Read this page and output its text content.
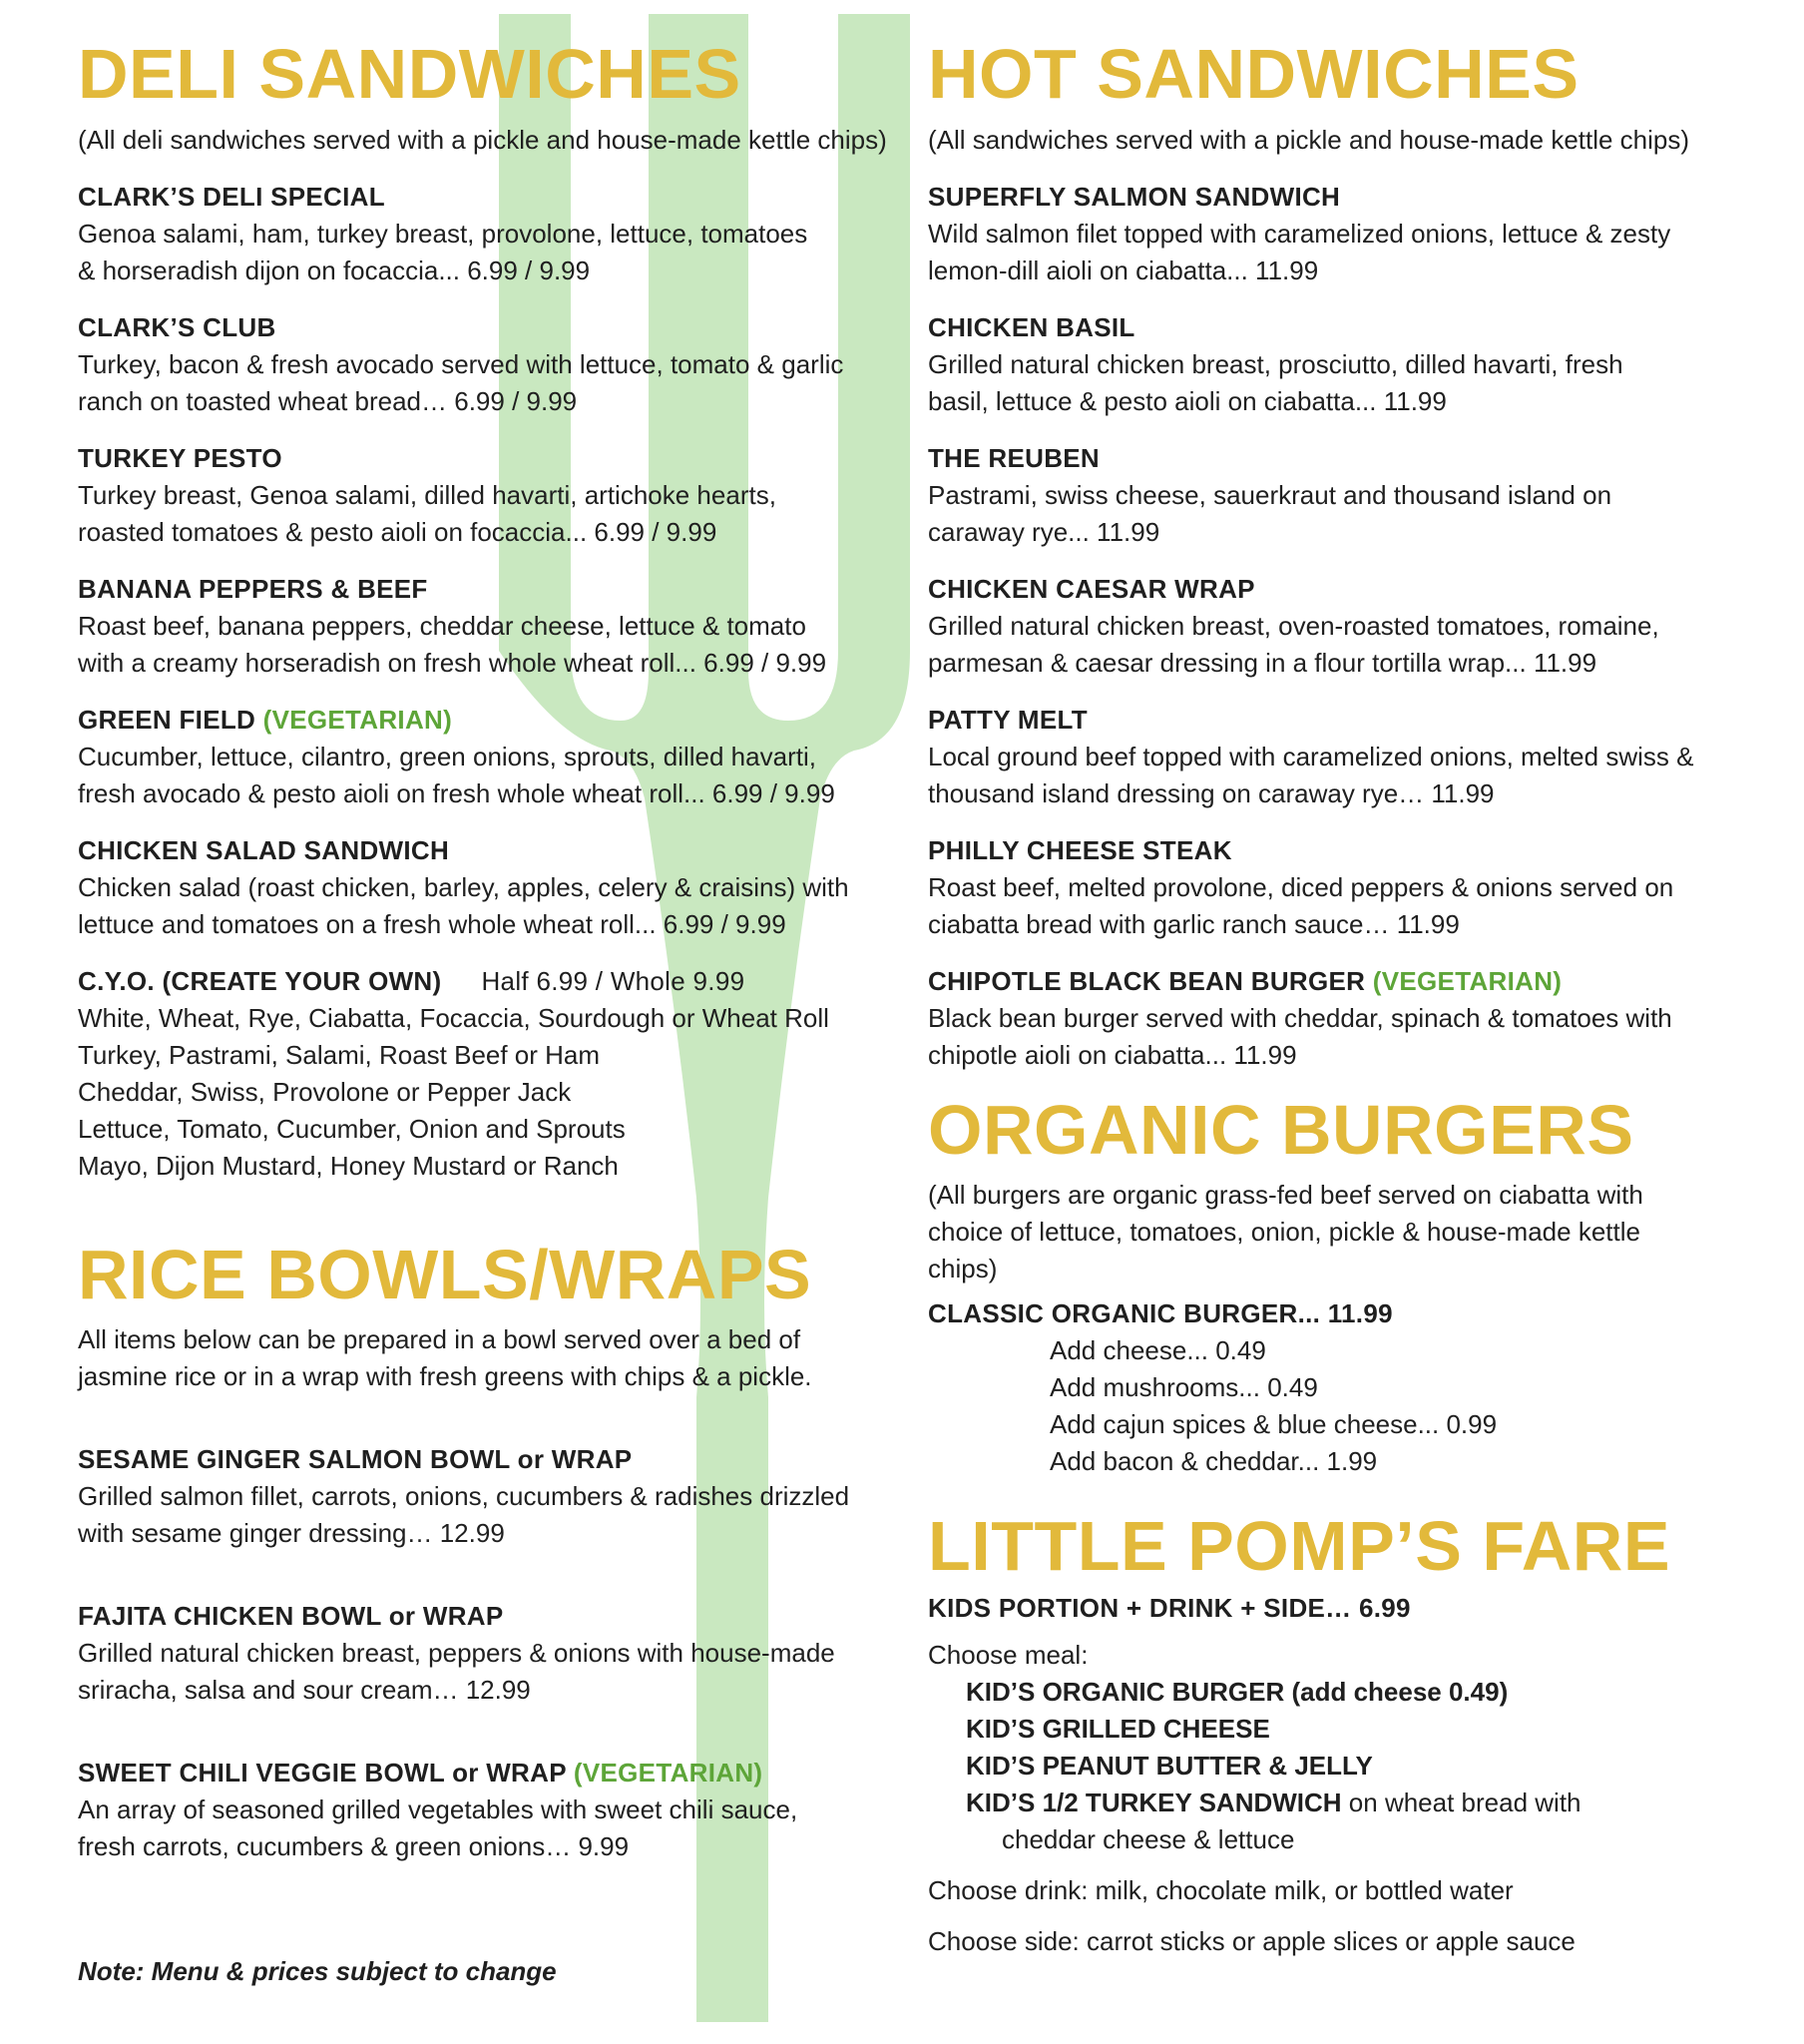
DELI SANDWICHES
(All deli sandwiches served with a pickle and house-made kettle chips)
CLARK’S DELI SPECIAL
Genoa salami, ham, turkey breast, provolone, lettuce, tomatoes
& horseradish dijon on focaccia... 6.99 / 9.99
CLARK’S CLUB
Turkey, bacon & fresh avocado served with lettuce, tomato & garlic
ranch on toasted wheat bread… 6.99 / 9.99
TURKEY PESTO
Turkey breast, Genoa salami, dilled havarti, artichoke hearts,
roasted tomatoes & pesto aioli on focaccia... 6.99 / 9.99
BANANA PEPPERS & BEEF
Roast beef, banana peppers, cheddar cheese, lettuce & tomato
with a creamy horseradish on fresh whole wheat roll... 6.99 / 9.99
GREEN FIELD (VEGETARIAN)
Cucumber, lettuce, cilantro, green onions, sprouts, dilled havarti,
fresh avocado & pesto aioli on fresh whole wheat roll... 6.99 / 9.99
CHICKEN SALAD SANDWICH
Chicken salad (roast chicken, barley, apples, celery & craisins) with
lettuce and tomatoes on a fresh whole wheat roll... 6.99 / 9.99
C.Y.O. (CREATE YOUR OWN) Half 6.99 / Whole 9.99
White, Wheat, Rye, Ciabatta, Focaccia, Sourdough or Wheat Roll
Turkey, Pastrami, Salami, Roast Beef or Ham
Cheddar, Swiss, Provolone or Pepper Jack
Lettuce, Tomato, Cucumber, Onion and Sprouts
Mayo, Dijon Mustard, Honey Mustard or Ranch
RICE BOWLS/WRAPS
All items below can be prepared in a bowl served over a bed of
jasmine rice or in a wrap with fresh greens with chips & a pickle.
SESAME GINGER SALMON BOWL or WRAP
Grilled salmon fillet, carrots, onions, cucumbers & radishes drizzled
with sesame ginger dressing… 12.99
FAJITA CHICKEN BOWL or WRAP
Grilled natural chicken breast, peppers & onions with house-made
sriracha, salsa and sour cream… 12.99
SWEET CHILI VEGGIE BOWL or WRAP (VEGETARIAN)
An array of seasoned grilled vegetables with sweet chili sauce,
fresh carrots, cucumbers & green onions… 9.99
Note: Menu & prices subject to change
HOT SANDWICHES
(All sandwiches served with a pickle and house-made kettle chips)
SUPERFLY SALMON SANDWICH
Wild salmon filet topped with caramelized onions, lettuce & zesty
lemon-dill aioli on ciabatta... 11.99
CHICKEN BASIL
Grilled natural chicken breast, prosciutto, dilled havarti, fresh
basil, lettuce & pesto aioli on ciabatta... 11.99
THE REUBEN
Pastrami, swiss cheese, sauerkraut and thousand island on
caraway rye... 11.99
CHICKEN CAESAR WRAP
Grilled natural chicken breast, oven-roasted tomatoes, romaine,
parmesan & caesar dressing in a flour tortilla wrap... 11.99
PATTY MELT
Local ground beef topped with caramelized onions, melted swiss &
thousand island dressing on caraway rye… 11.99
PHILLY CHEESE STEAK
Roast beef, melted provolone, diced peppers & onions served on
ciabatta bread with garlic ranch sauce… 11.99
CHIPOTLE BLACK BEAN BURGER (VEGETARIAN)
Black bean burger served with cheddar, spinach & tomatoes with
chipotle aioli on ciabatta... 11.99
ORGANIC BURGERS
(All burgers are organic grass-fed beef served on ciabatta with
choice of lettuce, tomatoes, onion, pickle & house-made kettle
chips)
CLASSIC ORGANIC BURGER... 11.99
Add cheese... 0.49
Add mushrooms... 0.49
Add cajun spices & blue cheese... 0.99
Add bacon & cheddar... 1.99
LITTLE POMP’S FARE
KIDS PORTION + DRINK + SIDE… 6.99
Choose meal:
KID’S ORGANIC BURGER (add cheese 0.49)
KID’S GRILLED CHEESE
KID’S PEANUT BUTTER & JELLY
KID’S 1/2 TURKEY SANDWICH on wheat bread with
cheddar cheese & lettuce
Choose drink: milk, chocolate milk, or bottled water
Choose side: carrot sticks or apple slices or apple sauce
